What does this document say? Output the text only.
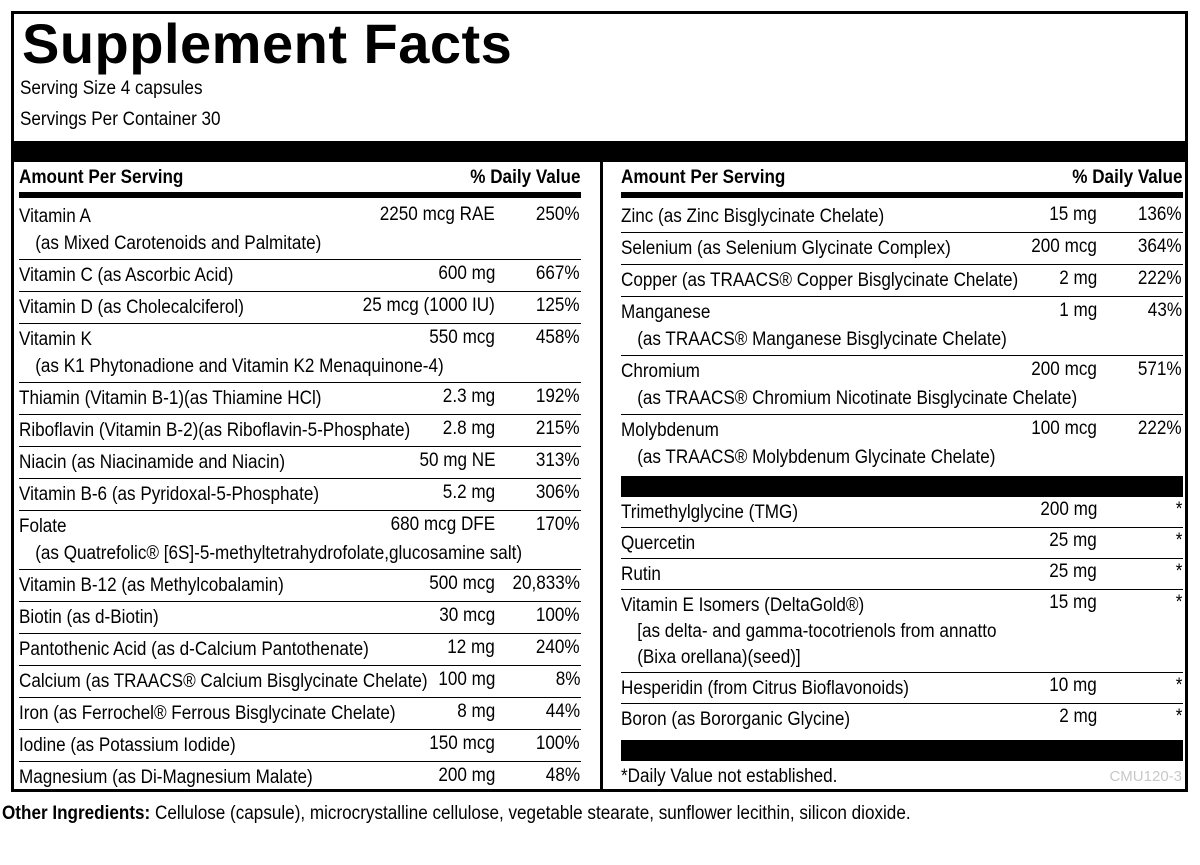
Supplement Facts
Serving Size 4 capsules
Servings Per Container 30
Amount Per Serving	% Daily Value
Vitamin A
(as Mixed Carotenoids and Palmitate)
2250 mcg RAE 250%
Vitamin C (as Ascorbic Acid)	600 mg 667%
Vitamin D (as Cholecalciferol)	25 mcg (1000 IU) 125%
Vitamin K
(as K1 Phytonadione and Vitamin K2 Menaquinone-4)
550 mcg 458%
Thiamin (Vitamin B-1)(as Thiamine HCl)	2.3 mg 192%
Riboflavin (Vitamin B-2)(as Riboflavin-5-Phosphate)	2.8 mg 215%
Niacin (as Niacinamide and Niacin)	50 mg NE 313%
Vitamin B-6 (as Pyridoxal-5-Phosphate)	5.2 mg 306%
Folate
(as Quatrefolic® [6S]-5-methyltetrahydrofolate,glucosamine salt)
680 mcg DFE 170%
Vitamin B-12 (as Methylcobalamin)	500 mcg 20,833%
Biotin (as d-Biotin)	30 mcg 100%
Pantothenic Acid (as d-Calcium Pantothenate)	12 mg 240%
Calcium (as TRAACS® Calcium Bisglycinate Chelate) 100 mg	8%
Iron (as Ferrochel® Ferrous Bisglycinate Chelate)	8 mg	44%
Iodine (as Potassium Iodide)	150 mcg 100%
Magnesium (as Di-Magnesium Malate)	200 mg	48%
Amount Per Serving	% Daily Value
Zinc (as Zinc Bisglycinate Chelate)	15 mg 136%
Selenium (as Selenium Glycinate Complex)	200 mcg 364%
Copper (as TRAACS® Copper Bisglycinate Chelate)	2 mg 222%
Manganese
(as TRAACS® Manganese Bisglycinate Chelate)
1 mg	43%
Chromium
(as TRAACS® Chromium Nicotinate Bisglycinate Chelate)
200 mcg 571%
Molybdenum
(as TRAACS® Molybdenum Glycinate Chelate)
100 mcg 222%
Trimethylglycine (TMG)	200 mg	*
Quercetin	25 mg	*
Rutin	25 mg	*
Vitamin E Isomers (DeltaGold®)
[as delta- and gamma-tocotrienols from annatto
(Bixa orellana)(seed)]
15 mg	*
Hesperidin (from Citrus Bioflavonoids)	10 mg	*
Boron (as Bororganic Glycine)	2 mg	*
*Daily Value not established.	CMU120-3
Other Ingredients: Cellulose (capsule), microcrystalline cellulose, vegetable stearate, sunflower lecithin, silicon dioxide.
